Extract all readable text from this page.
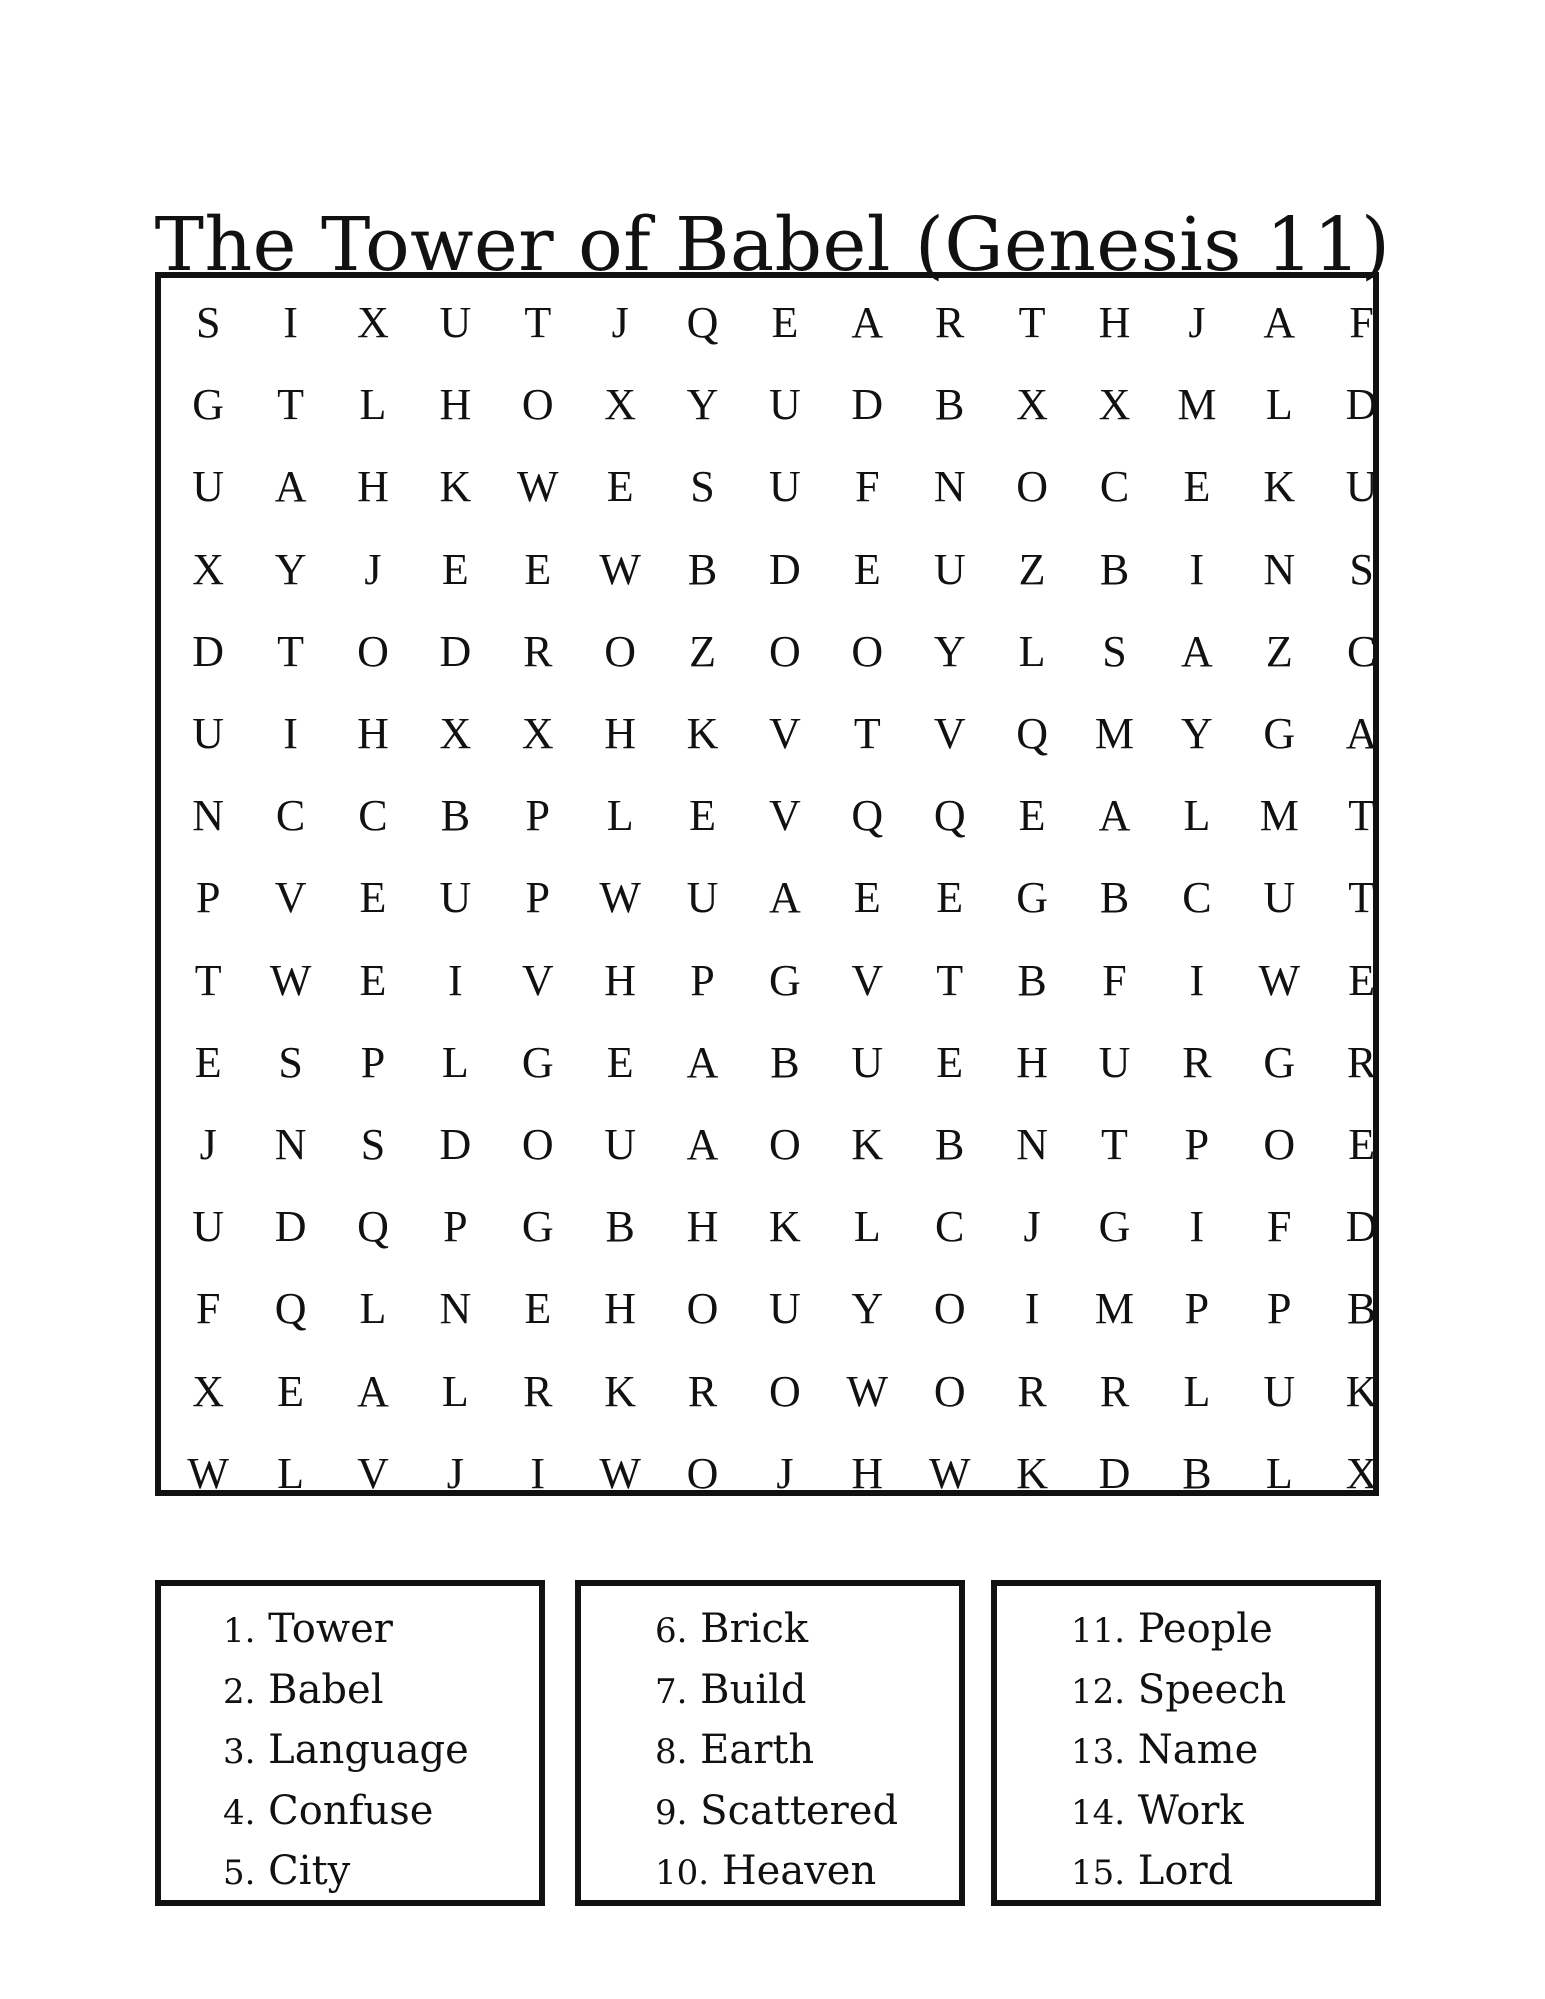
The Tower of Babel (Genesis 11)
S	I	X	U	T	J	Q	E	A	R	T	H	J	A	F
G	T	L	H	O	X	Y	U	D	B	X	X	M	L	D
U	A	H	K	W	E	S	U	F	N	O	C	E	K	U
X	Y	J	E	E	W	B	D	E	U	Z	B	I	N	S
D	T	O	D	R	O	Z	O	O	Y	L	S	A	Z	C
U	I	H	X	X	H	K	V	T	V	Q	M	Y	G	A
N	C	C	B	P	L	E	V	Q	Q	E	A	L	M	T
P	V	E	U	P	W	U	A	E	E	G	B	C	U	T
T	W	E	I	V	H	P	G	V	T	B	F	I	W	E
E	S	P	L	G	E	A	B	U	E	H	U	R	G	R
J	N	S	D	O	U	A	O	K	B	N	T	P	O	E
U	D	Q	P	G	B	H	K	L	C	J	G	I	F	D
F	Q	L	N	E	H	O	U	Y	O	I	M	P	P	B
X	E	A	L	R	K	R	O	W	O	R	R	L	U	K
W	L	V	J	I	W	O	J	H	W	K	D	B	L	X
1. Tower
2. Babel
3. Language
4. Confuse
5. City
6. Brick
7. Build
8. Earth
9. Scattered
10. Heaven
11. People
12. Speech
13. Name
14. Work
15. Lord
